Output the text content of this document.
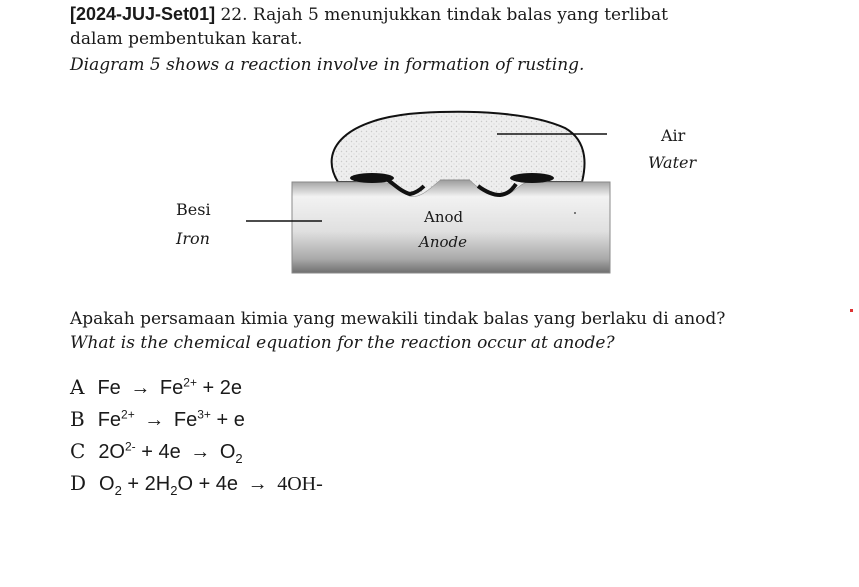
[2024-JUJ-Set01] 22. Rajah 5 menunjukkan tindak balas yang terlibat
dalam pembentukan karat.
Diagram 5 shows a reaction involve in formation of rusting.
Air
Water
Besi
Iron
Anod
Anode
Apakah persamaan kimia yang mewakili tindak balas yang berlaku di anod?
What is the chemical equation for the reaction occur at anode?
A $Fe \to Fe^{2+} + 2e$
B $Fe^{2+} \to Fe^{3+} + e$
C $2O^{2-} + 4e \to O_2$
D $O_2 + 2H_2O + 4e \to 4OH-$
